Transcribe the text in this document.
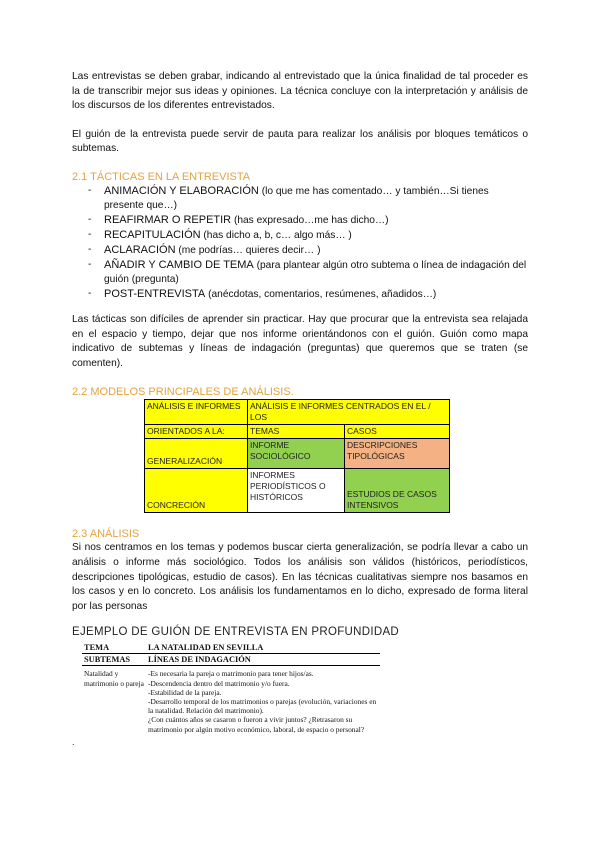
Las entrevistas se deben grabar, indicando al entrevistado que la única finalidad de tal proceder es la de transcribir mejor sus ideas y opiniones. La técnica concluye con la interpretación y análisis de los discursos de los diferentes entrevistados.

El guión de la entrevista puede servir de pauta para realizar los análisis por bloques temáticos o subtemas.

2.1 TÁCTICAS EN LA ENTREVISTA
- ANIMACIÓN Y ELABORACIÓN (lo que me has comentado… y también…Si tienes presente que…)
- REAFIRMAR O REPETIR (has expresado…me has dicho…)
- RECAPITULACIÓN (has dicho a, b, c… algo más… )
- ACLARACIÓN (me podrías… quieres decir… )
- AÑADIR Y CAMBIO DE TEMA (para plantear algún otro subtema o línea de indagación del guión (pregunta)
- POST-ENTREVISTA (anécdotas, comentarios, resúmenes, añadidos…)

Las tácticas son difíciles de aprender sin practicar. Hay que procurar que la entrevista sea relajada en el espacio y tiempo, dejar que nos informe orientándonos con el guión. Guión como mapa indicativo de subtemas y líneas de indagación (preguntas) que queremos que se traten (se comenten).

2.2 MODELOS PRINCIPALES DE ANÁLISIS.
ANÁLISIS E INFORMES	ANÁLISIS E INFORMES CENTRADOS EN EL / LOS	
ORIENTADOS A LA:	TEMAS	CASOS
GENERALIZACIÓN	INFORME SOCIOLÓGICO	DESCRIPCIONES TIPOLÓGICAS
CONCRECIÓN	INFORMES PERIODÍSTICOS O HISTÓRICOS	ESTUDIOS DE CASOS INTENSIVOS
2.3 ANÁLISIS

Si nos centramos en los temas y podemos buscar cierta generalización, se podría llevar a cabo un análisis o informe más sociológico. Todos los análisis son válidos (históricos, periodísticos, descripciones tipológicas, estudio de casos). En las técnicas cualitativas siempre nos basamos en los casos y en lo concreto. Los análisis los fundamentamos en lo dicho, expresado de forma literal por las personas

EJEMPLO DE GUIÓN DE ENTREVISTA EN PROFUNDIDAD
TEMA	LA NATALIDAD EN SEVILLA
SUBTEMAS	LÍNEAS DE INDAGACIÓN
Natalidad y matrimonio o pareja	-Es necesaria la pareja o matrimonio para tener hijos/as.
-Descendencia dentro del matrimonio y/o fuera.
-Estabilidad de la pareja.
-Desarrollo temporal de los matrimonios o parejas (evolución, variaciones en la natalidad. Relación del matrimonio).
¿Con cuántos años se casaron o fueron a vivir juntos? ¿Retrasaron su matrimonio por algún motivo económico, laboral, de espacio o personal?
.
